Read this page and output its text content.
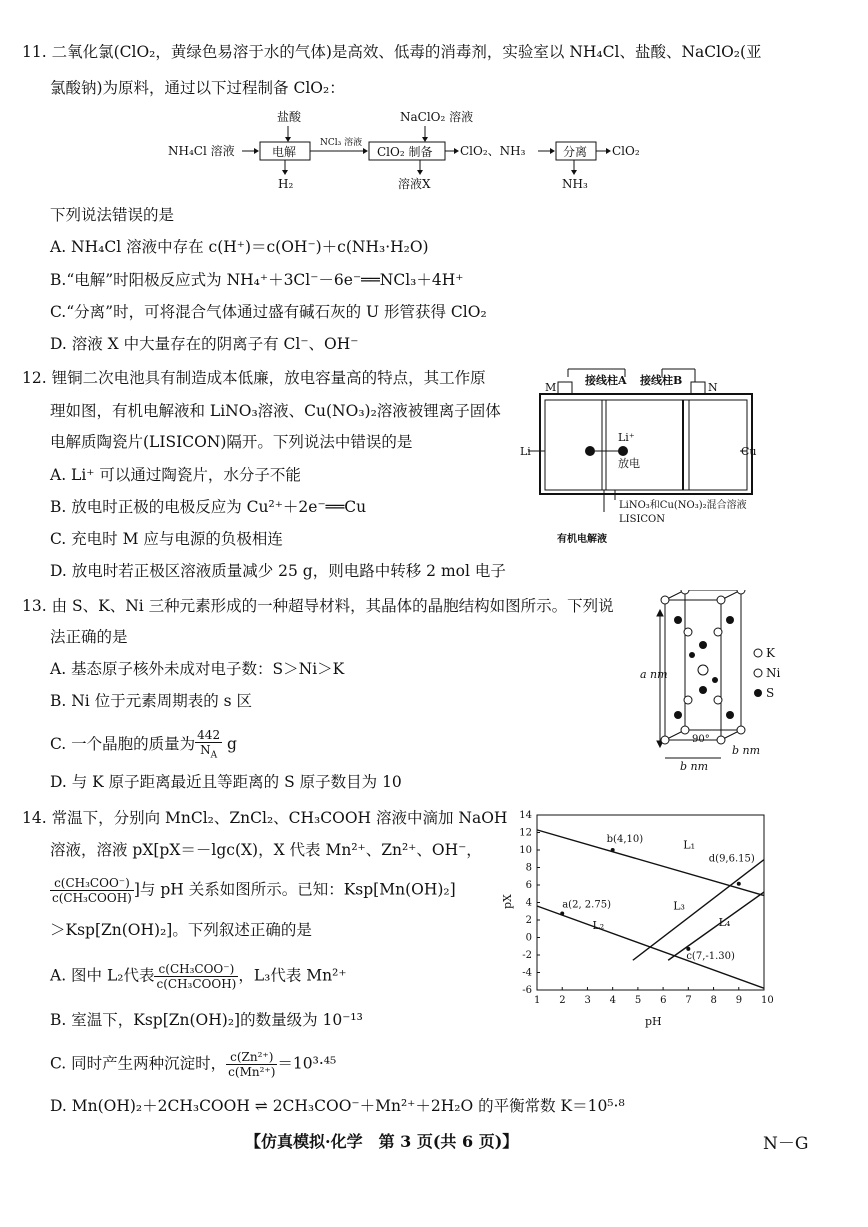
11. 二氧化氯(ClO₂，黄绿色易溶于水的气体)是高效、低毒的消毒剂，实验室以 NH₄Cl、盐酸、NaClO₂(亚
氯酸钠)为原料，通过以下过程制备 ClO₂：
盐酸	NaClO₂ 溶液
NH₄Cl 溶液	电解
NCl₃ 溶液
ClO₂ 制备 ClO₂、NH₃	分离 ClO₂
H₂	溶液X	NH₃
下列说法错误的是
A. NH₄Cl 溶液中存在 c(H⁺)＝c(OH⁻)＋c(NH₃·H₂O)
B.“电解”时阳极反应式为 NH₄⁺＋3Cl⁻－6e⁻══NCl₃＋4H⁺
C.“分离”时，可将混合气体通过盛有碱石灰的 U 形管获得 ClO₂
D. 溶液 X 中大量存在的阴离子有 Cl⁻、OH⁻
12. 锂铜二次电池具有制造成本低廉，放电容量高的特点，其工作原
理如图，有机电解液和 LiNO₃溶液、Cu(NO₃)₂溶液被锂离子固体
电解质陶瓷片(LISICON)隔开。下列说法中错误的是
A. Li⁺ 可以通过陶瓷片，水分子不能
B. 放电时正极的电极反应为 Cu²⁺＋2e⁻══Cu
C. 充电时 M 应与电源的负极相连
D. 放电时若正极区溶液质量减少 25 g，则电路中转移 2 mol 电子
M	N
接线柱A 接线柱B
Li	Cu
Li⁺
放电
LiNO₃和Cu(NO₃)₂混合溶液
LISICON
有机电解液
13. 由 S、K、Ni 三种元素形成的一种超导材料，其晶体的晶胞结构如图所示。下列说
法正确的是
A. 基态原子核外未成对电子数：S＞Ni＞K
B. Ni 位于元素周期表的 s 区
C. 一个晶胞的质量为 $\frac{442}{N_A}$ g
D. 与 K 原子距离最近且等距离的 S 原子数目为 10
K
Ni
S
a nm
b nm
b nm
90°
14. 常温下，分别向 MnCl₂、ZnCl₂、CH₃COOH 溶液中滴加 NaOH
溶液，溶液 pX[pX＝－lgc(X)，X 代表 Mn²⁺、Zn²⁺、OH⁻，
c(CH₃COO⁻)
c(CH₃COOH) ]与 pH 关系如图所示。已知：Ksp[Mn(OH)₂]
＞Ksp[Zn(OH)₂]。下列叙述正确的是
A. 图中 L₂代表 c(CH₃COO⁻)
c(CH₃COOH) ，L₃代表 Mn²⁺
B. 室温下，Ksp[Zn(OH)₂]的数量级为 10⁻¹³
C. 同时产生两种沉淀时， $\frac{\text{c(Zn²⁺)}}{\text{c(Mn²⁺)}} =10^3\cdot^{45}$
D. Mn(OH)₂＋2CH₃COOH ⇌ 2CH₃COO⁻＋Mn²⁺＋2H₂O 的平衡常数 K＝10⁵·⁸
1 2 3 4 5 6 7 8 9 10
-6
-4
-2
0
2
4
6
8
10
12
14
L₁
L₂
L₃
L₄
b(4,10)
a(2, 2.75)
d(9,6.15)
c(7,-1.30)
pH
pX
【仿真模拟·化学　第 3 页(共 6 页)】	N－G
